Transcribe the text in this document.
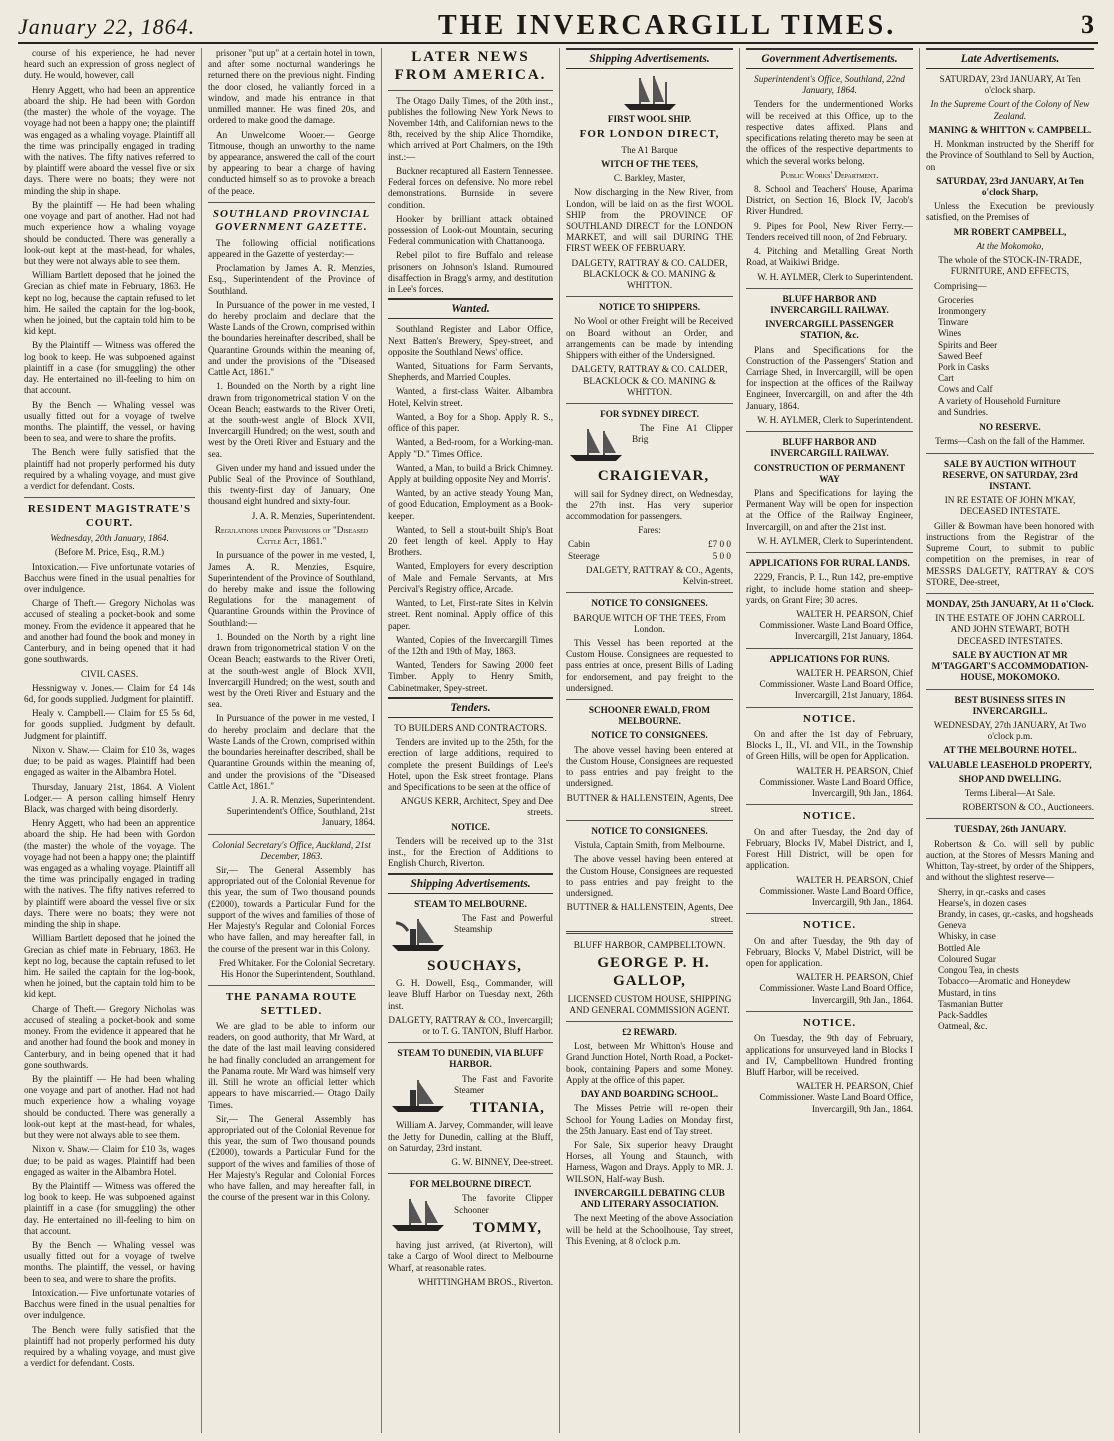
January 22, 1864.	THE INVERCARGILL TIMES.	3

course of his experience, he had never heard such an expression of gross neglect of duty. He would, however, call

Henry Aggett, who had been an apprentice aboard the ship. He had been with Gordon (the master) the whole of the voyage. The voyage had not been a happy one; the plaintiff was engaged as a whaling voyage. Plaintiff all the time was principally engaged in trading with the natives. The fifty natives referred to by plaintiff were aboard the vessel five or six days. There were no boats; they were not minding the ship in shape.

By the plaintiff — He had been whaling one voyage and part of another. Had not had much experience how a whaling voyage should be conducted. There was generally a look-out kept at the mast-head, for whales, but they were not always able to see them.

William Bartlett deposed that he joined the Grecian as chief mate in February, 1863. He kept no log, because the captain refused to let him. He sailed the captain for the log-book, when he joined, but the captain told him to be kid kept.

By the Plaintiff — Witness was offered the log book to keep. He was subpoened against plaintiff in a case (for smuggling) the other day. He entertained no ill-feeling to him on that account.

By the Bench — Whaling vessel was usually fitted out for a voyage of twelve months. The plaintiff, the vessel, or having been to sea, and were to share the profits.

The Bench were fully satisfied that the plaintiff had not properly performed his duty required by a whaling voyage, and must give a verdict for defendant. Costs.

RESIDENT MAGISTRATE'S COURT.

Wednesday, 20th January, 1864.

(Before M. Price, Esq., R.M.)

Intoxication.— Five unfortunate votaries of Bacchus were fined in the usual penalties for over indulgence.

Charge of Theft.— Gregory Nicholas was accused of stealing a pocket-book and some money. From the evidence it appeared that he and another had found the book and money in Canterbury, and in being opened that it had gone southwards.

CIVIL CASES.

Hessnigway v. Jones.— Claim for £4 14s 6d, for goods supplied. Judgment for plaintiff.

Healy v. Campbell.— Claim for £5 5s 6d, for goods supplied. Judgment by default. Judgment for plaintiff.

Nixon v. Shaw.— Claim for £10 3s, wages due; to be paid as wages. Plaintiff had been engaged as waiter in the Albambra Hotel.

Thursday, January 21st, 1864. A Violent Lodger.— A person calling himself Henry Black, was charged with being disorderly.

Henry Aggett, who had been an apprentice aboard the ship. He had been with Gordon (the master) the whole of the voyage. The voyage had not been a happy one; the plaintiff was engaged as a whaling voyage. Plaintiff all the time was principally engaged in trading with the natives. The fifty natives referred to by plaintiff were aboard the vessel five or six days. There were no boats; they were not minding the ship in shape.

William Bartlett deposed that he joined the Grecian as chief mate in February, 1863. He kept no log, because the captain refused to let him. He sailed the captain for the log-book, when he joined, but the captain told him to be kid kept.

Charge of Theft.— Gregory Nicholas was accused of stealing a pocket-book and some money. From the evidence it appeared that he and another had found the book and money in Canterbury, and in being opened that it had gone southwards.

By the plaintiff — He had been whaling one voyage and part of another. Had not had much experience how a whaling voyage should be conducted. There was generally a look-out kept at the mast-head, for whales, but they were not always able to see them.

Nixon v. Shaw.— Claim for £10 3s, wages due; to be paid as wages. Plaintiff had been engaged as waiter in the Albambra Hotel.

By the Plaintiff — Witness was offered the log book to keep. He was subpoened against plaintiff in a case (for smuggling) the other day. He entertained no ill-feeling to him on that account.

By the Bench — Whaling vessel was usually fitted out for a voyage of twelve months. The plaintiff, the vessel, or having been to sea, and were to share the profits.

Intoxication.— Five unfortunate votaries of Bacchus were fined in the usual penalties for over indulgence.

The Bench were fully satisfied that the plaintiff had not properly performed his duty required by a whaling voyage, and must give a verdict for defendant. Costs.

prisoner "put up" at a certain hotel in town, and after some nocturnal wanderings he returned there on the previous night. Finding the door closed, he valiantly forced in a window, and made his entrance in that unmilled manner. He was fined 20s, and ordered to make good the damage.

An Unwelcome Wooer.— George Titmouse, though an unworthy to the name by appearance, answered the call of the court by appearing to bear a charge of having conducted himself so as to provoke a breach of the peace.

SOUTHLAND PROVINCIAL GOVERNMENT GAZETTE.

The following official notifications appeared in the Gazette of yesterday:—

Proclamation by James A. R. Menzies, Esq., Superintendent of the Province of Southland.

In Pursuance of the power in me vested, I do hereby proclaim and declare that the Waste Lands of the Crown, comprised within the boundaries hereinafter described, shall be Quarantine Grounds within the meaning of, and under the provisions of the "Diseased Cattle Act, 1861."

1. Bounded on the North by a right line drawn from trigonometrical station V on the Ocean Beach; eastwards to the River Oreti, at the south-west angle of Block XVII, Invercargill Hundred; on the west, south and west by the Oreti River and Estuary and the sea.

Given under my hand and issued under the Public Seal of the Province of Southland, this twenty-first day of January, One thousand eight hundred and sixty-four.

J. A. R. Menzies, Superintendent.

Regulations under Provisions of "Diseased Cattle Act, 1861."

In pursuance of the power in me vested, I, James A. R. Menzies, Esquire, Superintendent of the Province of Southland, do hereby make and issue the following Regulations for the management of Quarantine Grounds within the Province of Southland:—

1. Bounded on the North by a right line drawn from trigonometrical station V on the Ocean Beach; eastwards to the River Oreti, at the south-west angle of Block XVII, Invercargill Hundred; on the west, south and west by the Oreti River and Estuary and the sea.

In Pursuance of the power in me vested, I do hereby proclaim and declare that the Waste Lands of the Crown, comprised within the boundaries hereinafter described, shall be Quarantine Grounds within the meaning of, and under the provisions of the "Diseased Cattle Act, 1861."

J. A. R. Menzies, Superintendent. Superintendent's Office, Southland, 21st January, 1864.

Colonial Secretary's Office, Auckland, 21st December, 1863.

Sir,— The General Assembly has appropriated out of the Colonial Revenue for this year, the sum of Two thousand pounds (£2000), towards a Particular Fund for the support of the wives and families of those of Her Majesty's Regular and Colonial Forces who have fallen, and may hereafter fall, in the course of the present war in this Colony.

Fred Whitaker. For the Colonial Secretary. His Honor the Superintendent, Southland.

THE PANAMA ROUTE SETTLED.

We are glad to be able to inform our readers, on good authority, that Mr Ward, at the date of the last mail leaving considered he had finally concluded an arrangement for the Panama route. Mr Ward was himself very ill. Still he wrote an official letter which appears to have miscarried.— Otago Daily Times.

Sir,— The General Assembly has appropriated out of the Colonial Revenue for this year, the sum of Two thousand pounds (£2000), towards a Particular Fund for the support of the wives and families of those of Her Majesty's Regular and Colonial Forces who have fallen, and may hereafter fall, in the course of the present war in this Colony.

LATER NEWS FROM AMERICA.

The Otago Daily Times, of the 20th inst., publishes the following New York News to November 14th, and Californian news to the 8th, received by the ship Alice Thorndike, which arrived at Port Chalmers, on the 19th inst.:—

Buckner recaptured all Eastern Tennessee. Federal forces on defensive. No more rebel demonstrations. Burnside in severe condition.

Hooker by brilliant attack obtained possession of Look-out Mountain, securing Federal communication with Chattanooga.

Rebel pilot to fire Buffalo and release prisoners on Johnson's Island. Rumoured disaffection in Bragg's army, and destitution in Lee's forces.

Wanted.

Southland Register and Labor Office, Next Batten's Brewery, Spey-street, and opposite the Southland News' office.

Wanted, Situations for Farm Servants, Shepherds, and Married Couples.

Wanted, a first-class Waiter. Albambra Hotel, Kelvin street.

Wanted, a Boy for a Shop. Apply R. S., office of this paper.

Wanted, a Bed-room, for a Working-man. Apply "D." Times Office.

Wanted, a Man, to build a Brick Chimney. Apply at building opposite Ney and Morris'.

Wanted, by an active steady Young Man, of good Education, Employment as a Book-keeper.

Wanted, to Sell a stout-built Ship's Boat 20 feet length of keel. Apply to Hay Brothers.

Wanted, Employers for every description of Male and Female Servants, at Mrs Percival's Registry office, Arcade.

Wanted, to Let, First-rate Sites in Kelvin street. Rent nominal. Apply office of this paper.

Wanted, Copies of the Invercargill Times of the 12th and 19th of May, 1863.

Wanted, Tenders for Sawing 2000 feet Timber. Apply to Henry Smith, Cabinetmaker, Spey-street.

Tenders.

TO BUILDERS AND CONTRACTORS.

Tenders are invited up to the 25th, for the erection of large additions, required to complete the present Buildings of Lee's Hotel, upon the Esk street frontage. Plans and Specifications to be seen at the office of

ANGUS KERR, Architect, Spey and Dee streets.

NOTICE.

Tenders will be received up to the 31st inst., for the Erection of Additions to English Church, Riverton.

Shipping Advertisements.

STEAM TO MELBOURNE.

The Fast and Powerful Steamship

SOUCHAYS,

G. H. Dowell, Esq., Commander, will leave Bluff Harbor on Tuesday next, 26th inst.

DALGETY, RATTRAY & CO., Invercargill; or to T. G. TANTON, Bluff Harbor.

STEAM TO DUNEDIN, VIA BLUFF HARBOR.

The Fast and Favorite Steamer

TITANIA,

William A. Jarvey, Commander, will leave the Jetty for Dunedin, calling at the Bluff, on Saturday, 23rd instant.

G. W. BINNEY, Dee-street.

FOR MELBOURNE DIRECT.

The favorite Clipper Schooner

TOMMY,

having just arrived, (at Riverton), will take a Cargo of Wool direct to Melbourne Wharf, at reasonable rates.

WHITTINGHAM BROS., Riverton.

Shipping Advertisements.

FIRST WOOL SHIP.

FOR LONDON DIRECT,

The A1 Barque

WITCH OF THE TEES,

C. Barkley, Master,

Now discharging in the New River, from London, will be laid on as the first WOOL SHIP from the PROVINCE OF SOUTHLAND DIRECT for the LONDON MARKET, and will sail DURING THE FIRST WEEK OF FEBRUARY.

DALGETY, RATTRAY & CO. CALDER, BLACKLOCK & CO. MANING & WHITTON.

NOTICE TO SHIPPERS.

No Wool or other Freight will be Received on Board without an Order, and arrangements can be made by intending Shippers with either of the Undersigned.

DALGETY, RATTRAY & CO. CALDER, BLACKLOCK & CO. MANING & WHITTON.

FOR SYDNEY DIRECT.

The Fine A1 Clipper Brig

CRAIGIEVAR,

will sail for Sydney direct, on Wednesday, the 27th inst. Has very superior accommodation for passengers.

Fares:

Cabin	£7 0 0
Steerage	5 0 0

DALGETY, RATTRAY & CO., Agents, Kelvin-street.

NOTICE TO CONSIGNEES.

BARQUE WITCH OF THE TEES, From London.

This Vessel has been reported at the Custom House. Consignees are requested to pass entries at once, present Bills of Lading for endorsement, and pay freight to the undersigned.

SCHOONER EWALD, FROM MELBOURNE.

NOTICE TO CONSIGNEES.

The above vessel having been entered at the Custom House, Consignees are requested to pass entries and pay freight to the undersigned.

BUTTNER & HALLENSTEIN, Agents, Dee street.

NOTICE TO CONSIGNEES.

Vistula, Captain Smith, from Melbourne.

The above vessel having been entered at the Custom House, Consignees are requested to pass entries and pay freight to the undersigned.

BUTTNER & HALLENSTEIN, Agents, Dee street.

BLUFF HARBOR, CAMPBELLTOWN.

GEORGE P. H. GALLOP,

LICENSED CUSTOM HOUSE, SHIPPING AND GENERAL COMMISSION AGENT.

£2 REWARD.

Lost, between Mr Whitton's House and Grand Junction Hotel, North Road, a Pocket-book, containing Papers and some Money. Apply at the office of this paper.

DAY AND BOARDING SCHOOL.

The Misses Petrie will re-open their School for Young Ladies on Monday first, the 25th January. East end of Tay street.

For Sale, Six superior heavy Draught Horses, all Young and Staunch, with Harness, Wagon and Drays. Apply to MR. J. WILSON, Half-way Bush.

INVERCARGILL DEBATING CLUB AND LITERARY ASSOCIATION.

The next Meeting of the above Association will be held at the Schoolhouse, Tay street, This Evening, at 8 o'clock p.m.

Government Advertisements.

Superintendent's Office, Southland, 22nd January, 1864.

Tenders for the undermentioned Works will be received at this Office, up to the respective dates affixed. Plans and specifications relating thereto may be seen at the offices of the respective departments to which the several works belong.

Public Works' Department.

8. School and Teachers' House, Aparima District, on Section 16, Block IV, Jacob's River Hundred.

9. Pipes for Pool, New River Ferry.— Tenders received till noon, of 2nd February.

4. Pitching and Metalling Great North Road, at Waikiwi Bridge.

W. H. AYLMER, Clerk to Superintendent.

BLUFF HARBOR AND INVERCARGILL RAILWAY.

INVERCARGILL PASSENGER STATION, &c.

Plans and Specifications for the Construction of the Passengers' Station and Carriage Shed, in Invercargill, will be open for inspection at the offices of the Railway Engineer, Invercargill, on and after the 4th January, 1864.

W. H. AYLMER, Clerk to Superintendent.

BLUFF HARBOR AND INVERCARGILL RAILWAY.

CONSTRUCTION OF PERMANENT WAY

Plans and Specifications for laying the Permanent Way will be open for inspection at the Office of the Railway Engineer, Invercargill, on and after the 21st inst.

W. H. AYLMER, Clerk to Superintendent.

APPLICATIONS FOR RURAL LANDS.

2229, Francis, P. L., Run 142, pre-emptive right, to include home station and sheep-yards, on Grant Fire; 30 acres.

WALTER H. PEARSON, Chief Commissioner. Waste Land Board Office, Invercargill, 21st January, 1864.

APPLICATIONS FOR RUNS.

WALTER H. PEARSON, Chief Commissioner. Waste Land Board Office, Invercargill, 21st January, 1864.

NOTICE.

On and after the 1st day of February, Blocks I., II., VI. and VII., in the Township of Green Hills, will be open for Application.

WALTER H. PEARSON, Chief Commissioner. Waste Land Board Office, Invercargill, 9th Jan., 1864.

NOTICE.

On and after Tuesday, the 2nd day of February, Blocks IV, Mabel District, and I, Forest Hill District, will be open for application.

WALTER H. PEARSON, Chief Commissioner. Waste Land Board Office, Invercargill, 9th Jan., 1864.

NOTICE.

On and after Tuesday, the 9th day of February, Blocks V, Mabel District, will be open for application.

WALTER H. PEARSON, Chief Commissioner. Waste Land Board Office, Invercargill, 9th Jan., 1864.

NOTICE.

On Tuesday, the 9th day of February, applications for unsurveyed land in Blocks I and IV, Campbelltown Hundred fronting Bluff Harbor, will be received.

WALTER H. PEARSON, Chief Commissioner. Waste Land Board Office, Invercargill, 9th Jan., 1864.

Late Advertisements.

SATURDAY, 23rd JANUARY, At Ten o'clock sharp.

In the Supreme Court of the Colony of New Zealand.

MANING & WHITTON v. CAMPBELL.

H. Monkman instructed by the Sheriff for the Province of Southland to Sell by Auction, on

SATURDAY, 23rd JANUARY, At Ten o'clock Sharp,

Unless the Execution be previously satisfied, on the Premises of

MR ROBERT CAMPBELL,

At the Mokomoko,

The whole of the STOCK-IN-TRADE, FURNITURE, AND EFFECTS,

Comprising—

Groceries
Ironmongery
Tinware
Wines
Spirits and Beer
Sawed Beef
Pork in Casks
Cart
Cows and Calf
A variety of Household Furniture
and Sundries.

NO RESERVE.

Terms—Cash on the fall of the Hammer.

SALE BY AUCTION WITHOUT RESERVE, ON SATURDAY, 23rd INSTANT.

IN RE ESTATE OF JOHN M'KAY, DECEASED INTESTATE.

Giller & Bowman have been honored with instructions from the Registrar of the Supreme Court, to submit to public competition on the premises, in rear of MESSRS DALGETY, RATTRAY & CO'S STORE, Dee-street,

MONDAY, 25th JANUARY, At 11 o'Clock.

IN THE ESTATE OF JOHN CARROLL AND JOHN STEWART, BOTH DECEASED INTESTATES.

SALE BY AUCTION AT MR M'TAGGART'S ACCOMMODATION-HOUSE, MOKOMOKO.

BEST BUSINESS SITES IN INVERCARGILL.

WEDNESDAY, 27th JANUARY, At Two o'clock p.m.

AT THE MELBOURNE HOTEL.

VALUABLE LEASEHOLD PROPERTY,

SHOP AND DWELLING.

Terms Liberal—At Sale.

ROBERTSON & CO., Auctioneers.

TUESDAY, 26th JANUARY.

Robertson & Co. will sell by public auction, at the Stores of Messrs Maning and Whitton, Tay-street, by order of the Shippers, and without the slightest reserve—

Sherry, in qr.-casks and cases
Hearse's, in dozen cases
Brandy, in cases, qr.-casks, and hogsheads
Geneva
Whisky, in case
Bottled Ale
Coloured Sugar
Congou Tea, in chests
Tobacco—Aromatic and Honeydew
Mustard, in tins
Tasmanian Butter
Pack-Saddles
Oatmeal, &c.
